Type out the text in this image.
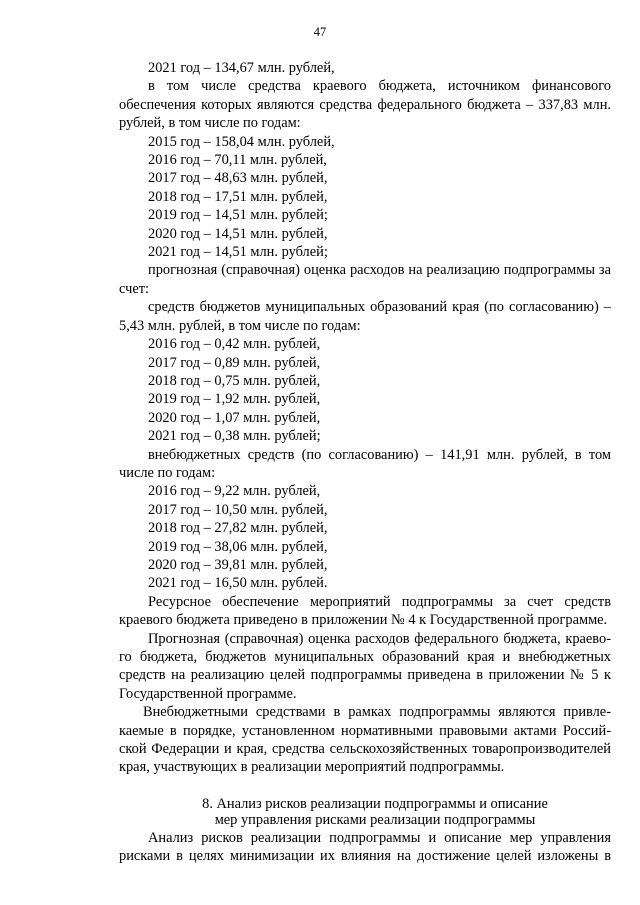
47

2021 год – 134,67 млн. рублей,

в том числе средства краевого бюджета, источником финансового обеспечения которых являются средства федерального бюджета – 337,83 млн. рублей, в том числе по годам:

2015 год – 158,04 млн. рублей,

2016 год – 70,11 млн. рублей,

2017 год – 48,63 млн. рублей,

2018 год – 17,51 млн. рублей,

2019 год – 14,51 млн. рублей;

2020 год – 14,51 млн. рублей,

2021 год – 14,51 млн. рублей;

прогнозная (справочная) оценка расходов на реализацию подпрограммы за счет:

средств бюджетов муниципальных образований края (по согласованию) – 5,43 млн. рублей, в том числе по годам:

2016 год – 0,42 млн. рублей,

2017 год – 0,89 млн. рублей,

2018 год – 0,75 млн. рублей,

2019 год – 1,92 млн. рублей,

2020 год – 1,07 млн. рублей,

2021 год – 0,38 млн. рублей;

внебюджетных средств (по согласованию) – 141,91 млн. рублей, в том числе по годам:

2016 год – 9,22 млн. рублей,

2017 год – 10,50 млн. рублей,

2018 год – 27,82 млн. рублей,

2019 год – 38,06 млн. рублей,

2020 год – 39,81 млн. рублей,

2021 год – 16,50 млн. рублей.

Ресурсное обеспечение мероприятий подпрограммы за счет средств краевого бюджета приведено в приложении № 4 к Государственной программе.

Прогнозная (справочная) оценка расходов федерального бюджета, краевого бюджета, бюджетов муниципальных образований края и внебюджетных средств на реализацию целей подпрограммы приведена в приложении № 5 к Государственной программе.

Внебюджетными средствами в рамках подпрограммы являются привлекаемые в порядке, установленном нормативными правовыми актами Российской Федерации и края, средства сельскохозяйственных товаропроизводителей края, участвующих в реализации мероприятий подпрограммы.

8. Анализ рисков реализации подпрограммы и описание
мер управления рисками реализации подпрограммы

Анализ рисков реализации подпрограммы и описание мер управления рисками в целях минимизации их влияния на достижение целей изложены в
